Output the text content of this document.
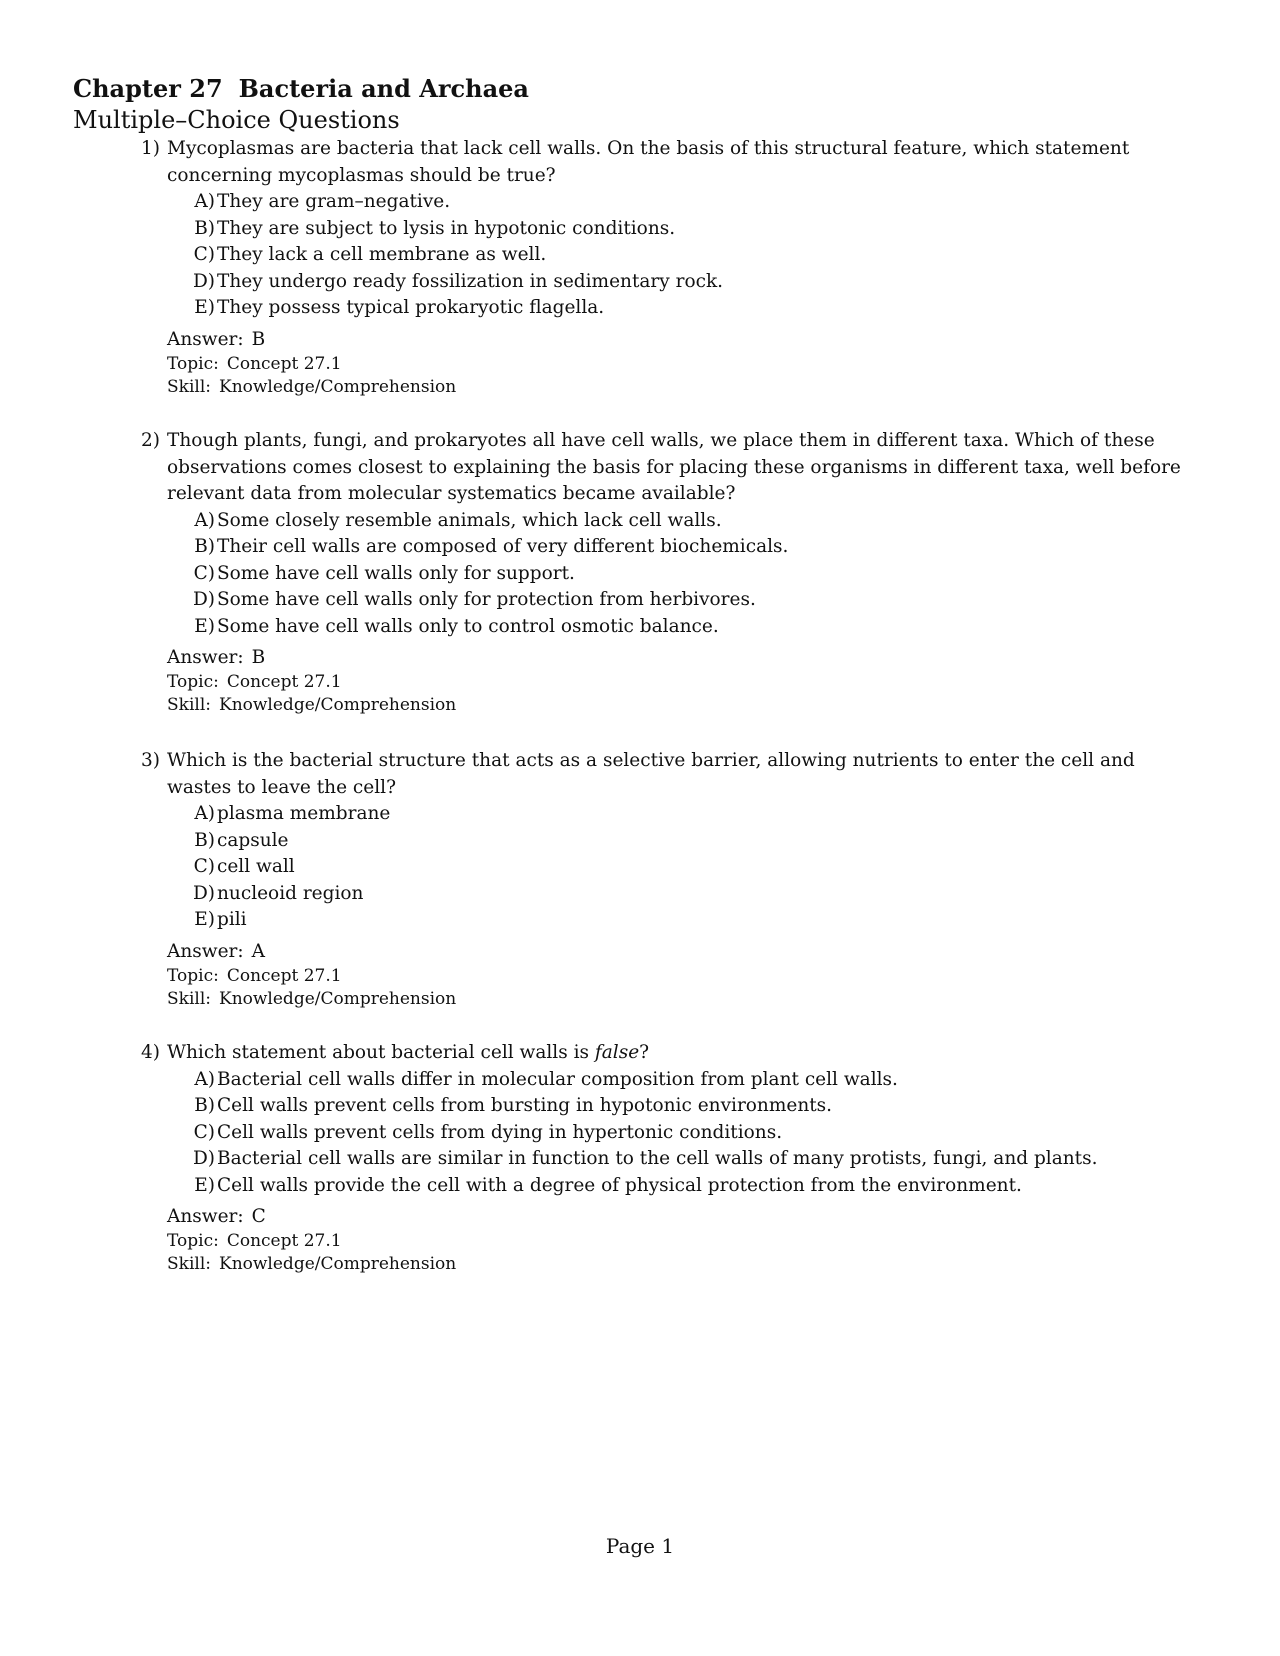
Chapter 27 Bacteria and Archaea
Multiple–Choice Questions
1) Mycoplasmas are bacteria that lack cell walls. On the basis of this structural feature, which statement concerning mycoplasmas should be true?
A) They are gram–negative.
B) They are subject to lysis in hypotonic conditions.
C) They lack a cell membrane as well.
D) They undergo ready fossilization in sedimentary rock.
E) They possess typical prokaryotic flagella.
Answer: B
Topic: Concept 27.1
Skill: Knowledge/Comprehension
2) Though plants, fungi, and prokaryotes all have cell walls, we place them in different taxa. Which of these observations comes closest to explaining the basis for placing these organisms in different taxa, well before relevant data from molecular systematics became available?
A) Some closely resemble animals, which lack cell walls.
B) Their cell walls are composed of very different biochemicals.
C) Some have cell walls only for support.
D) Some have cell walls only for protection from herbivores.
E) Some have cell walls only to control osmotic balance.
Answer: B
Topic: Concept 27.1
Skill: Knowledge/Comprehension
3) Which is the bacterial structure that acts as a selective barrier, allowing nutrients to enter the cell and wastes to leave the cell?
A) plasma membrane
B) capsule
C) cell wall
D) nucleoid region
E) pili
Answer: A
Topic: Concept 27.1
Skill: Knowledge/Comprehension
4) Which statement about bacterial cell walls is false?
A) Bacterial cell walls differ in molecular composition from plant cell walls.
B) Cell walls prevent cells from bursting in hypotonic environments.
C) Cell walls prevent cells from dying in hypertonic conditions.
D) Bacterial cell walls are similar in function to the cell walls of many protists, fungi, and plants.
E) Cell walls provide the cell with a degree of physical protection from the environment.
Answer: C
Topic: Concept 27.1
Skill: Knowledge/Comprehension
Page 1
